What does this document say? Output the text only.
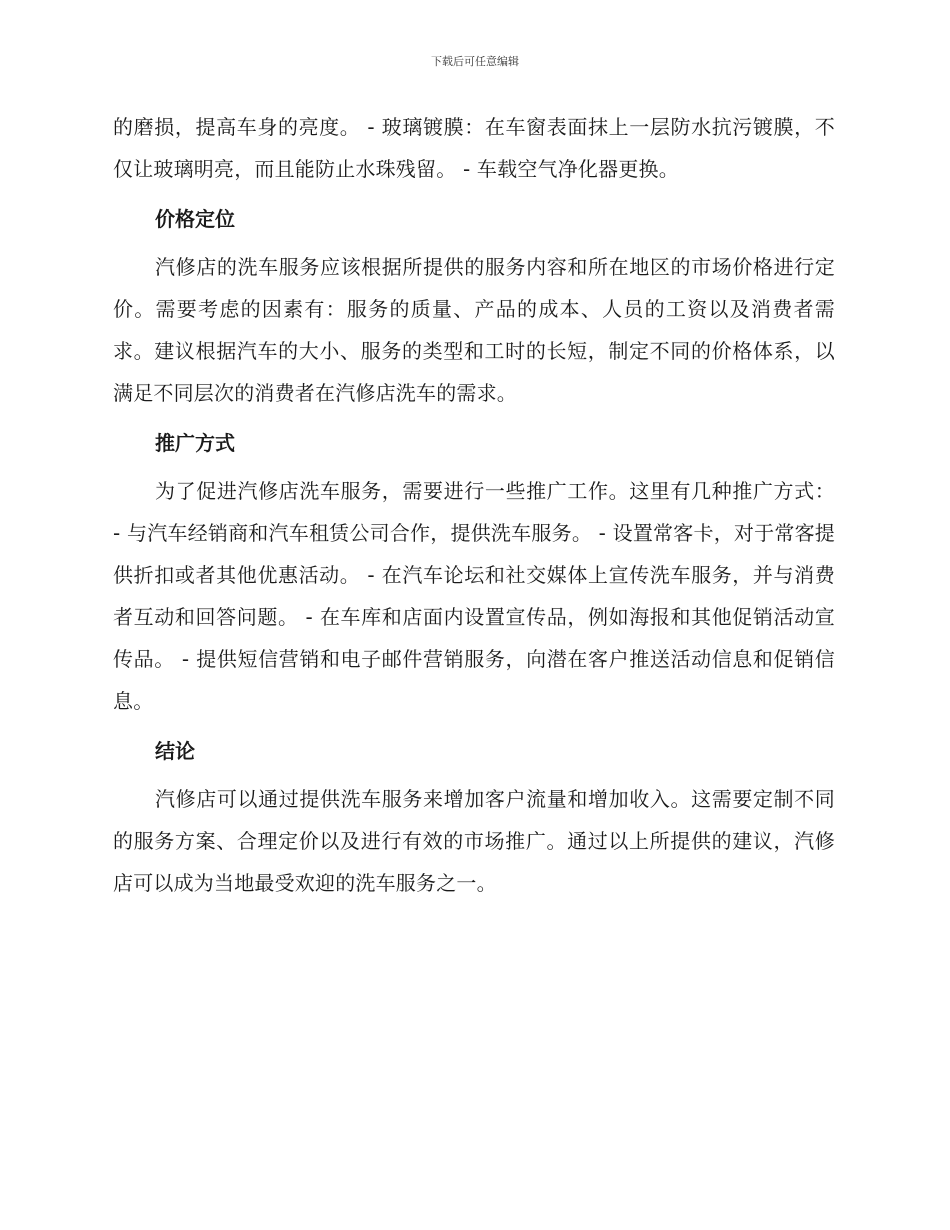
下载后可任意编辑

的磨损，提高车身的亮度。 - 玻璃镀膜：在车窗表面抹上一层防水抗污镀膜，不仅让玻璃明亮，而且能防止水珠残留。 - 车载空气净化器更换。

价格定位

汽修店的洗车服务应该根据所提供的服务内容和所在地区的市场价格进行定价。需要考虑的因素有：服务的质量、产品的成本、人员的工资以及消费者需求。建议根据汽车的大小、服务的类型和工时的长短，制定不同的价格体系，以满足不同层次的消费者在汽修店洗车的需求。

推广方式

为了促进汽修店洗车服务，需要进行一些推广工作。这里有几种推广方式： - 与汽车经销商和汽车租赁公司合作，提供洗车服务。 - 设置常客卡，对于常客提供折扣或者其他优惠活动。 - 在汽车论坛和社交媒体上宣传洗车服务，并与消费者互动和回答问题。 - 在车库和店面内设置宣传品，例如海报和其他促销活动宣传品。 - 提供短信营销和电子邮件营销服务，向潜在客户推送活动信息和促销信息。

结论

汽修店可以通过提供洗车服务来增加客户流量和增加收入。这需要定制不同的服务方案、合理定价以及进行有效的市场推广。通过以上所提供的建议，汽修店可以成为当地最受欢迎的洗车服务之一。
